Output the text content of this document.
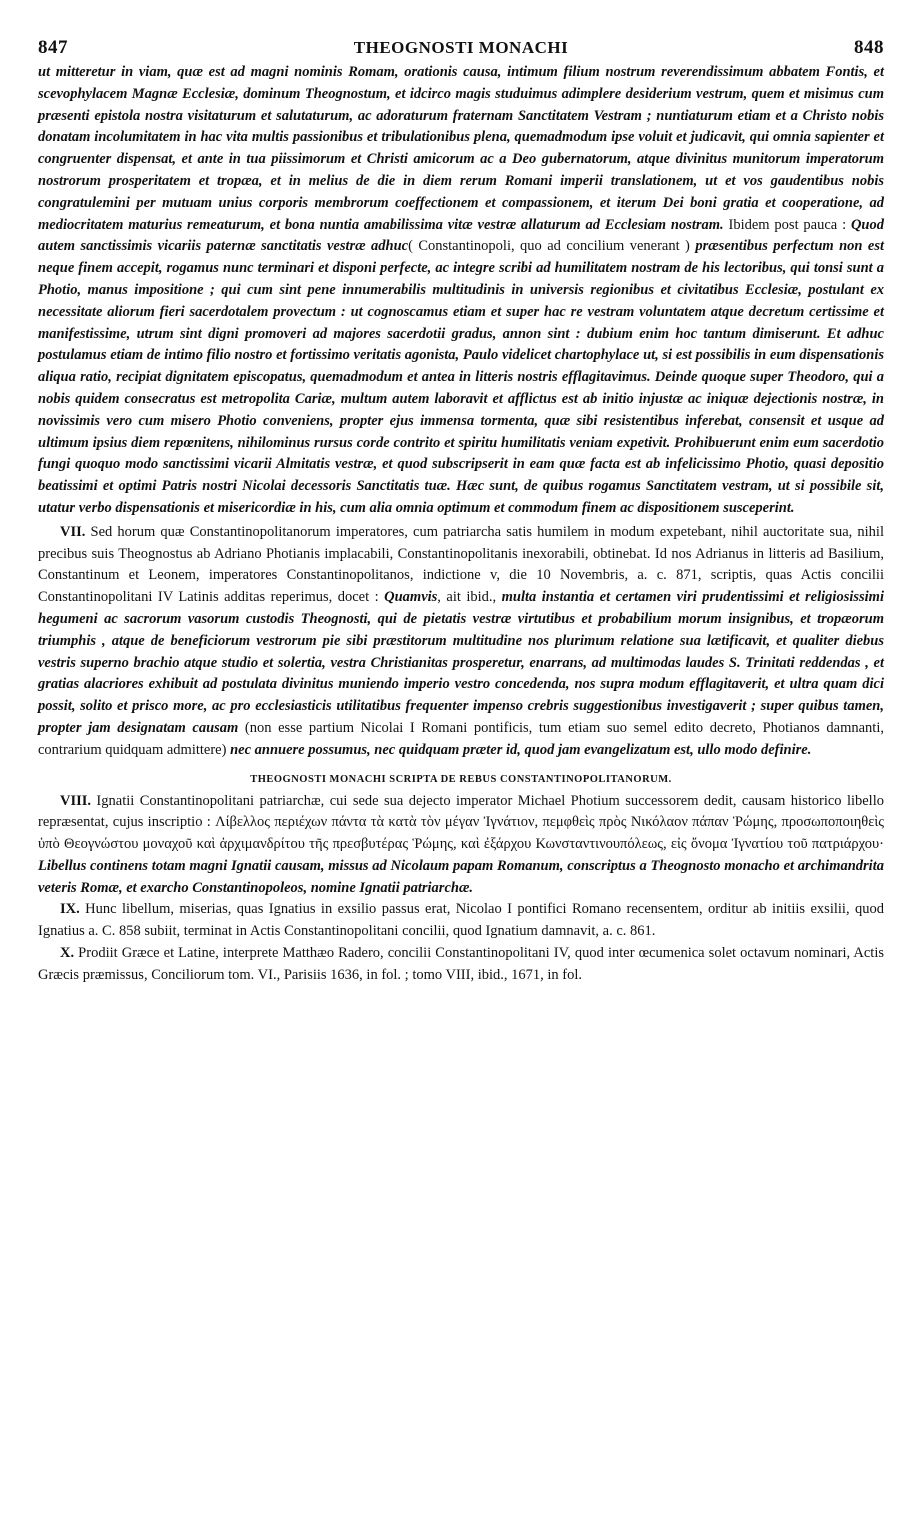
847	THEOGNOSTI MONACHI	848

ut mitteretur in viam, quæ est ad magni nominis Romam, orationis causa, intimum filium nostrum reverendissimum abbatem Fontis, et scevophylacem Magnæ Ecclesiæ, dominum Theognostum, et idcirco magis studuimus adimplere desiderium vestrum, quem et misimus cum præsenti epistola nostra visitaturum et salutaturum, ac adoraturum fraternam Sanctitatem Vestram ; nuntiaturum etiam et a Christo nobis donatam incolumitatem in hac vita multis passionibus et tribulationibus plena, quemadmodum ipse voluit et judicavit, qui omnia sapienter et congruenter dispensat, et ante in tua piissimorum et Christi amicorum ac a Deo gubernatorum, atque divinitus munitorum imperatorum nostrorum prosperitatem et tropæa, et in melius de die in diem rerum Romani imperii translationem, ut et vos gaudentibus nobis congratulemini per mutuam unius corporis membrorum coeffectionem et compassionem, et iterum Dei boni gratia et cooperatione, ad mediocritatem maturius remeaturum, et bona nuntia amabilissima vitæ vestræ allaturum ad Ecclesiam nostram. Ibidem post pauca : Quod autem sanctissimis vicariis paternæ sanctitatis vestræ adhuc( Constantinopoli, quo ad concilium venerant ) præsentibus perfectum non est neque finem accepit, rogamus nunc terminari et disponi perfecte, ac integre scribi ad humilitatem nostram de his lectoribus, qui tonsi sunt a Photio, manus impositione ; qui cum sint pene innumerabilis multitudinis in universis regionibus et civitatibus Ecclesiæ, postulant ex necessitate aliorum fieri sacerdotalem provectum : ut cognoscamus etiam et super hac re vestram voluntatem atque decretum certissime et manifestissime, utrum sint digni promoveri ad majores sacerdotii gradus, annon sint : dubium enim hoc tantum dimiserunt. Et adhuc postulamus etiam de intimo filio nostro et fortissimo veritatis agonista, Paulo videlicet chartophylace ut, si est possibilis in eum dispensationis aliqua ratio, recipiat dignitatem episcopatus, quemadmodum et antea in litteris nostris efflagitavimus. Deinde quoque super Theodoro, qui a nobis quidem consecratus est metropolita Cariæ, multum autem laboravit et afflictus est ab initio injustæ ac iniquæ dejectionis nostræ, in novissimis vero cum misero Photio conveniens, propter ejus immensa tormenta, quæ sibi resistentibus inferebat, consensit et usque ad ultimum ipsius diem repœnitens, nihilominus rursus corde contrito et spiritu humilitatis veniam expetivit. Prohibuerunt enim eum sacerdotio fungi quoquo modo sanctissimi vicarii Almitatis vestræ, et quod subscripserit in eam quæ facta est ab infelicissimo Photio, quasi depositio beatissimi et optimi Patris nostri Nicolai decessoris Sanctitatis tuæ. Hæc sunt, de quibus rogamus Sanctitatem vestram, ut si possibile sit, utatur verbo dispensationis et misericordiæ in his, cum alia omnia optimum et commodum finem ac dispositionem susceperint.

VII. Sed horum quæ Constantinopolitanorum imperatores, cum patriarcha satis humilem in modum expetebant, nihil auctoritate sua, nihil precibus suis Theognostus ab Adriano Photianis implacabili, Constantinopolitanis inexorabili, obtinebat. Id nos Adrianus in litteris ad Basilium, Constantinum et Leonem, imperatores Constantinopolitanos, indictione v, die 10 Novembris, a. c. 871, scriptis, quas Actis concilii Constantinopolitani IV Latinis additas reperimus, docet : Quamvis, ait ibid., multa instantia et certamen viri prudentissimi et religiosissimi hegumeni ac sacrorum vasorum custodis Theognosti, qui de pietatis vestræ virtutibus et probabilium morum insignibus, et tropæorum triumphis , atque de beneficiorum vestrorum pie sibi præstitorum multitudine nos plurimum relatione sua lætificavit, et qualiter diebus vestris superno brachio atque studio et solertia, vestra Christianitas prosperetur, enarrans, ad multimodas laudes S. Trinitati reddendas , et gratias alacriores exhibuit ad postulata divinitus muniendo imperio vestro concedenda, nos supra modum efflagitaverit, et ultra quam dici possit, solito et prisco more, ac pro ecclesiasticis utilitatibus frequenter impenso crebris suggestionibus investigaverit ; super quibus tamen, propter jam designatam causam (non esse partium Nicolai I Romani pontificis, tum etiam suo semel edito decreto, Photianos damnanti, contrarium quidquam admittere) nec annuere possumus, nec quidquam præter id, quod jam evangelizatum est, ullo modo definire.

THEOGNOSTI MONACHI SCRIPTA DE REBUS CONSTANTINOPOLITANORUM.

VIII. Ignatii Constantinopolitani patriarchæ, cui sede sua dejecto imperator Michael Photium successorem dedit, causam historico libello repræsentat, cujus inscriptio : Λίβελλος περιέχων πάντα τὰ κατὰ τὸν μέγαν Ἰγνάτιον, πεμφθεὶς πρὸς Νικόλαον πάπαν Ῥώμης, προσωποποιηθεὶς ὑπὸ Θεογνώστου μοναχοῦ καὶ ἀρχιμανδρίτου τῆς πρεσβυτέρας Ῥώμης, καὶ ἐξάρχου Κωνσταντινουπόλεως, εἰς ὄνομα Ἰγνατίου τοῦ πατριάρχου· Libellus continens totam magni Ignatii causam, missus ad Nicolaum papam Romanum, conscriptus a Theognosto monacho et archimandrita veteris Romæ, et exarcho Constantinopoleos, nomine Ignatii patriarchæ.

IX. Hunc libellum, miserias, quas Ignatius in exsilio passus erat, Nicolao I pontifici Romano recensentem, orditur ab initiis exsilii, quod Ignatius a. C. 858 subiit, terminat in Actis Constantinopolitani concilii, quod Ignatium damnavit, a. c. 861.

X. Prodiit Græce et Latine, interprete Matthæo Radero, concilii Constantinopolitani IV, quod inter œcumenica solet octavum nominari, Actis Græcis præmissus, Conciliorum tom. VI., Parisiis 1636, in fol. ; tomo VIII, ibid., 1671, in fol.
